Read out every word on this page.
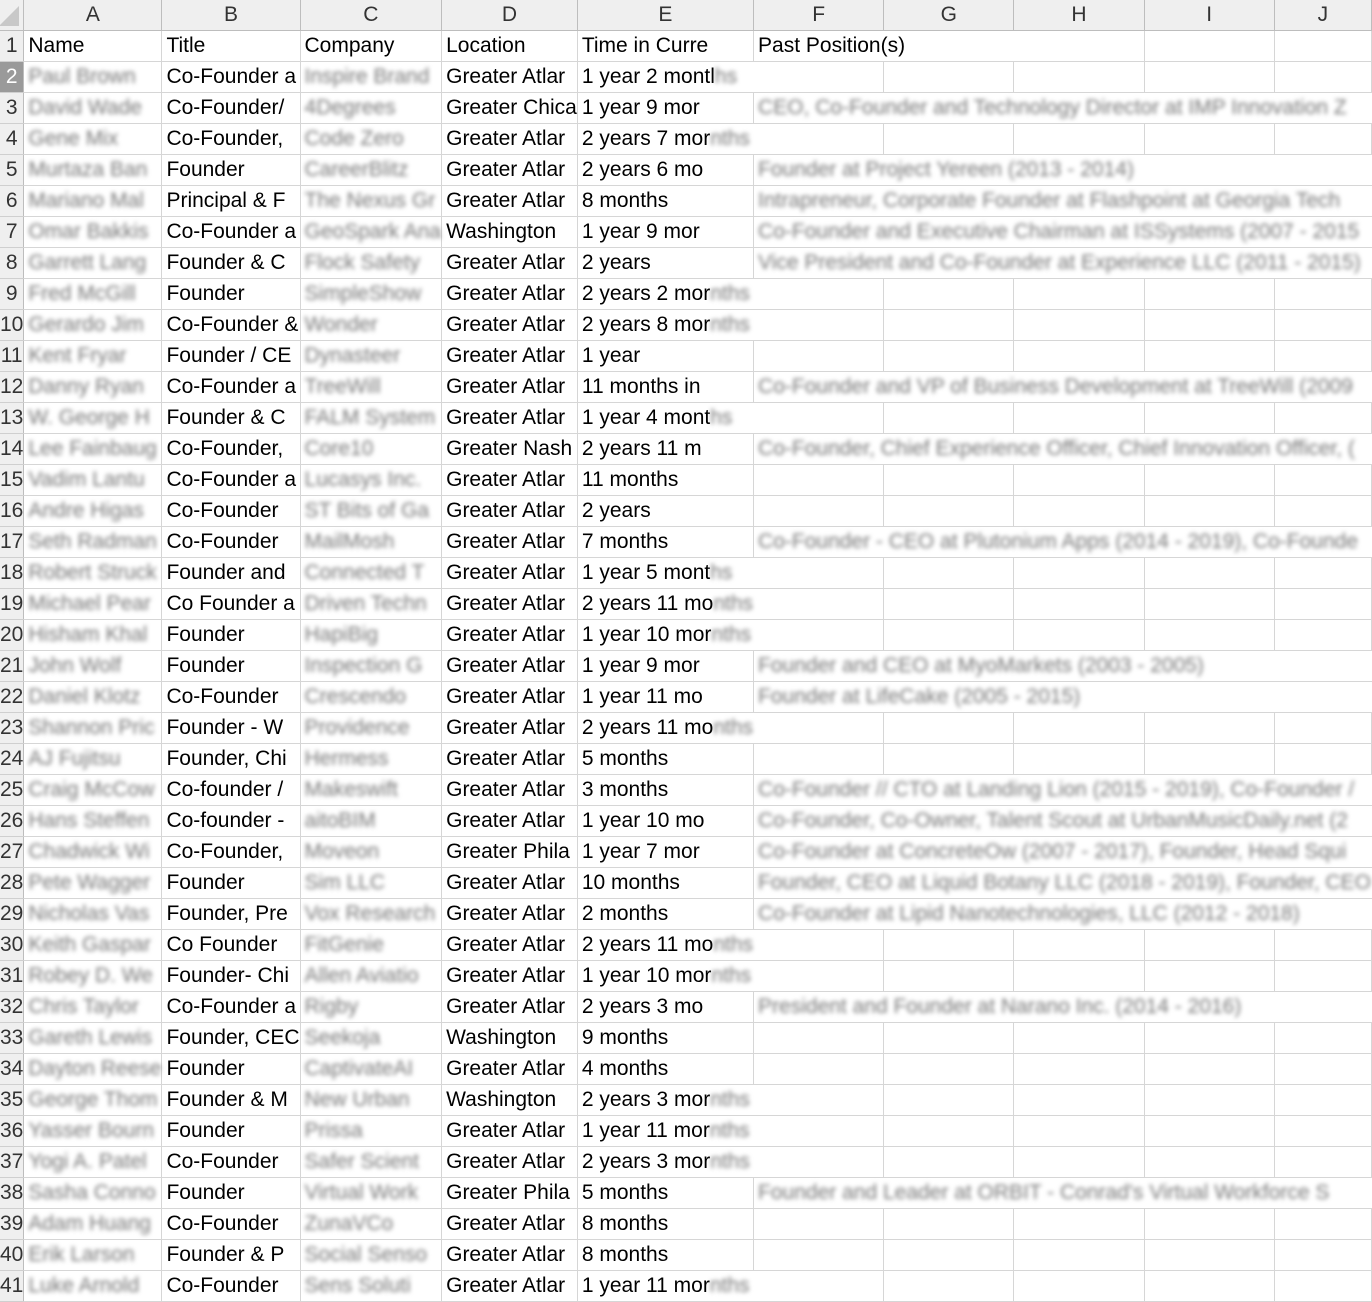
	A	B	C	D	E	F	G	H	I	J
1	Name	Title	Company	Location	Time in Curre	Past Position(s)				
2	Paul Brown	Co-Founder a	Inspire Brand	Greater Atlar	1 year 2 montlhs					
3	David Wade	Co-Founder/	4Degrees	Greater Chica	1 year 9 mor	CEO, Co-Founder and Technology Director at IMP Innovation Z				
4	Gene Mix	Co-Founder,	Code Zero	Greater Atlar	2 years 7 mornths					
5	Murtaza Ban	Founder	CareerBlitz	Greater Atlar	2 years 6 mo	Founder at Project Yereen (2013 - 2014)				
6	Mariano Mal	Principal & F	The Nexus Gr	Greater Atlar	8 months	Intrapreneur, Corporate Founder at Flashpoint at Georgia Tech				
7	Omar Bakkis	Co-Founder a	GeoSpark Ana	Washington	1 year 9 mor	Co-Founder and Executive Chairman at ISSystems (2007 - 2015				
8	Garrett Lang	Founder & C	Flock Safety	Greater Atlar	2 years	Vice President and Co-Founder at Experience LLC (2011 - 2015)				
9	Fred McGill	Founder	SimpleShow	Greater Atlar	2 years 2 mornths					
10	Gerardo Jim	Co-Founder &	Wonder	Greater Atlar	2 years 8 mornths					
11	Kent Fryar	Founder / CE	Dynasteer	Greater Atlar	1 year					
12	Danny Ryan	Co-Founder a	TreeWill	Greater Atlar	11 months in	Co-Founder and VP of Business Development at TreeWill (2009				
13	W. George H	Founder & C	FALM System	Greater Atlar	1 year 4 months					
14	Lee Fainbaug	Co-Founder,	Core10	Greater Nash	2 years 11 m	Co-Founder, Chief Experience Officer, Chief Innovation Officer, (				
15	Vadim Lantu	Co-Founder a	Lucasys Inc.	Greater Atlar	11 months					
16	Andre Higas	Co-Founder	ST Bits of Ga	Greater Atlar	2 years					
17	Seth Radman	Co-Founder	MailMosh	Greater Atlar	7 months	Co-Founder - CEO at Plutonium Apps (2014 - 2019), Co-Founde				
18	Robert Struck	Founder and	Connected T	Greater Atlar	1 year 5 months					
19	Michael Pear	Co Founder a	Driven Techn	Greater Atlar	2 years 11 months					
20	Hisham Khal	Founder	HapiBig	Greater Atlar	1 year 10 mornths					
21	John Wolf	Founder	Inspection G	Greater Atlar	1 year 9 mor	Founder and CEO at MyoMarkets (2003 - 2005)				
22	Daniel Klotz	Co-Founder	Crescendo	Greater Atlar	1 year 11 mo	Founder at LifeCake (2005 - 2015)				
23	Shannon Pric	Founder - W	Providence	Greater Atlar	2 years 11 months					
24	AJ Fujitsu	Founder, Chi	Hermess	Greater Atlar	5 months					
25	Craig McCow	Co-founder /	Makeswift	Greater Atlar	3 months	Co-Founder // CTO at Landing Lion (2015 - 2019), Co-Founder /				
26	Hans Steffen	Co-founder -	aitoBIM	Greater Atlar	1 year 10 mo	Co-Founder, Co-Owner, Talent Scout at UrbanMusicDaily.net (2				
27	Chadwick Wi	Co-Founder,	Moveon	Greater Phila	1 year 7 mor	Co-Founder at ConcreteOw (2007 - 2017), Founder, Head Squi				
28	Pete Wagger	Founder	Sim LLC	Greater Atlar	10 months	Founder, CEO at Liquid Botany LLC (2018 - 2019), Founder, CEO				
29	Nicholas Vas	Founder, Pre	Vox Research	Greater Atlar	2 months	Co-Founder at Lipid Nanotechnologies, LLC (2012 - 2018)				
30	Keith Gaspar	Co Founder	FitGenie	Greater Atlar	2 years 11 months					
31	Robey D. We	Founder- Chi	Allen Aviatio	Greater Atlar	1 year 10 mornths					
32	Chris Taylor	Co-Founder a	Rigby	Greater Atlar	2 years 3 mo	President and Founder at Narano Inc. (2014 - 2016)				
33	Gareth Lewis	Founder, CEC	Seekoja	Washington	9 months					
34	Dayton Reese	Founder	CaptivateAI	Greater Atlar	4 months					
35	George Thom	Founder & M	New Urban	Washington	2 years 3 mornths					
36	Yasser Bourn	Founder	Prissa	Greater Atlar	1 year 11 mornths					
37	Yogi A. Patel	Co-Founder	Safer Scient	Greater Atlar	2 years 3 mornths					
38	Sasha Conno	Founder	Virtual Work	Greater Phila	5 months	Founder and Leader at ORBIT - Conrad's Virtual Workforce S				
39	Adam Huang	Co-Founder	ZunaVCo	Greater Atlar	8 months					
40	Erik Larson	Founder & P	Social Senso	Greater Atlar	8 months					
41	Luke Arnold	Co-Founder	Sens Soluti	Greater Atlar	1 year 11 mornths					
